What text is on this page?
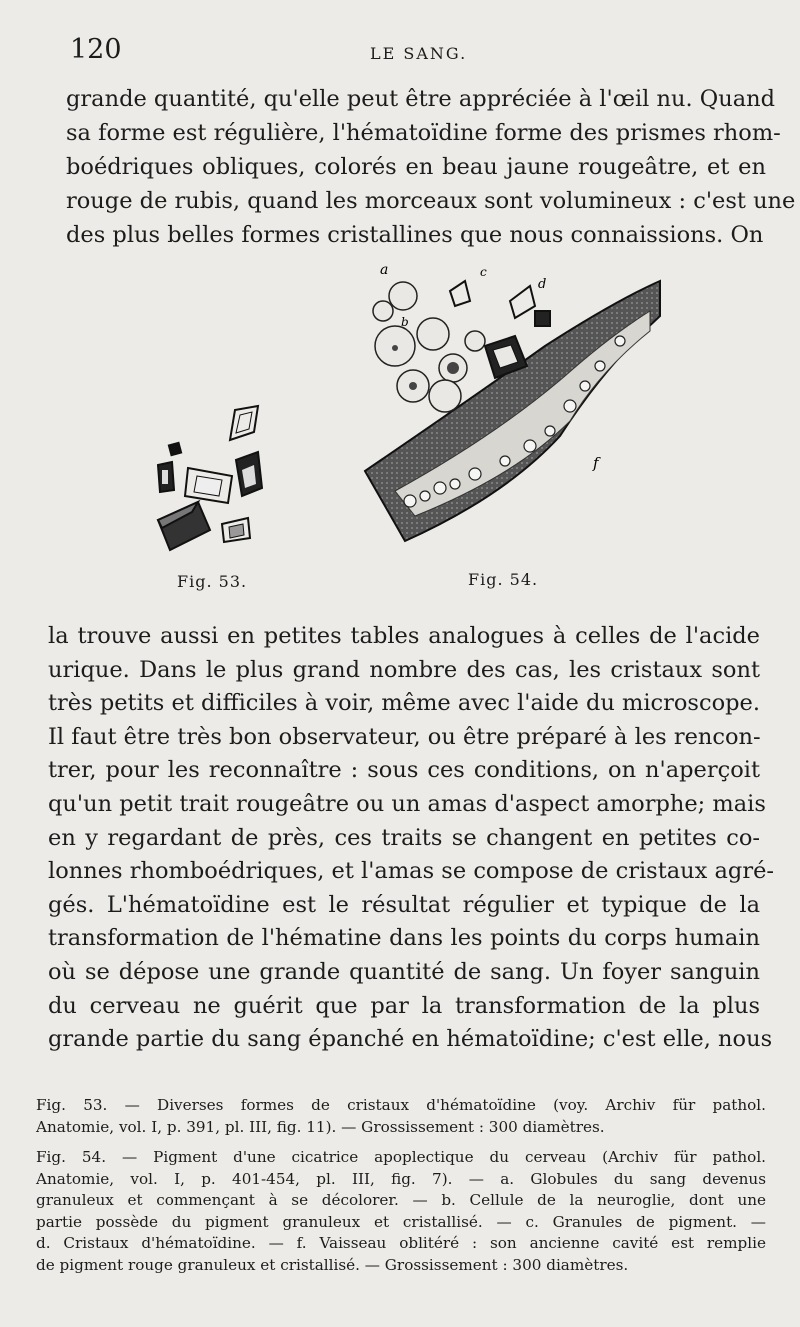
120	LE SANG.
grande quantité, qu'elle peut être appréciée à l'œil nu. Quand
sa forme est régulière, l'hématoïdine forme des prismes rhom-
boédriques obliques, colorés en beau jaune rougeâtre, et en
rouge de rubis, quand les morceaux sont volumineux : c'est une
des plus belles formes cristallines que nous connaissions. On
a
b
c
d
f
Fig. 53.	Fig. 54.
la trouve aussi en petites tables analogues à celles de l'acide
urique. Dans le plus grand nombre des cas, les cristaux sont
très petits et difficiles à voir, même avec l'aide du microscope.
Il faut être très bon observateur, ou être préparé à les rencon-
trer, pour les reconnaître : sous ces conditions, on n'aperçoit
qu'un petit trait rougeâtre ou un amas d'aspect amorphe; mais
en y regardant de près, ces traits se changent en petites co-
lonnes rhomboédriques, et l'amas se compose de cristaux agré-
gés. L'hématoïdine est le résultat régulier et typique de la
transformation de l'hématine dans les points du corps humain
où se dépose une grande quantité de sang. Un foyer sanguin
du cerveau ne guérit que par la transformation de la plus
grande partie du sang épanché en hématoïdine; c'est elle, nous
Fig. 53. — Diverses formes de cristaux d'hématoïdine (voy. Archiv für pathol.
Anatomie, vol. I, p. 391, pl. III, fig. 11). — Grossissement : 300 diamètres.
Fig. 54. — Pigment d'une cicatrice apoplectique du cerveau (Archiv für pathol.
Anatomie, vol. I, p. 401-454, pl. III, fig. 7). — a. Globules du sang devenus
granuleux et commençant à se décolorer. — b. Cellule de la neuroglie, dont une
partie possède du pigment granuleux et cristallisé. — c. Granules de pigment. —
d. Cristaux d'hématoïdine. — f. Vaisseau oblitéré : son ancienne cavité est remplie
de pigment rouge granuleux et cristallisé. — Grossissement : 300 diamètres.
